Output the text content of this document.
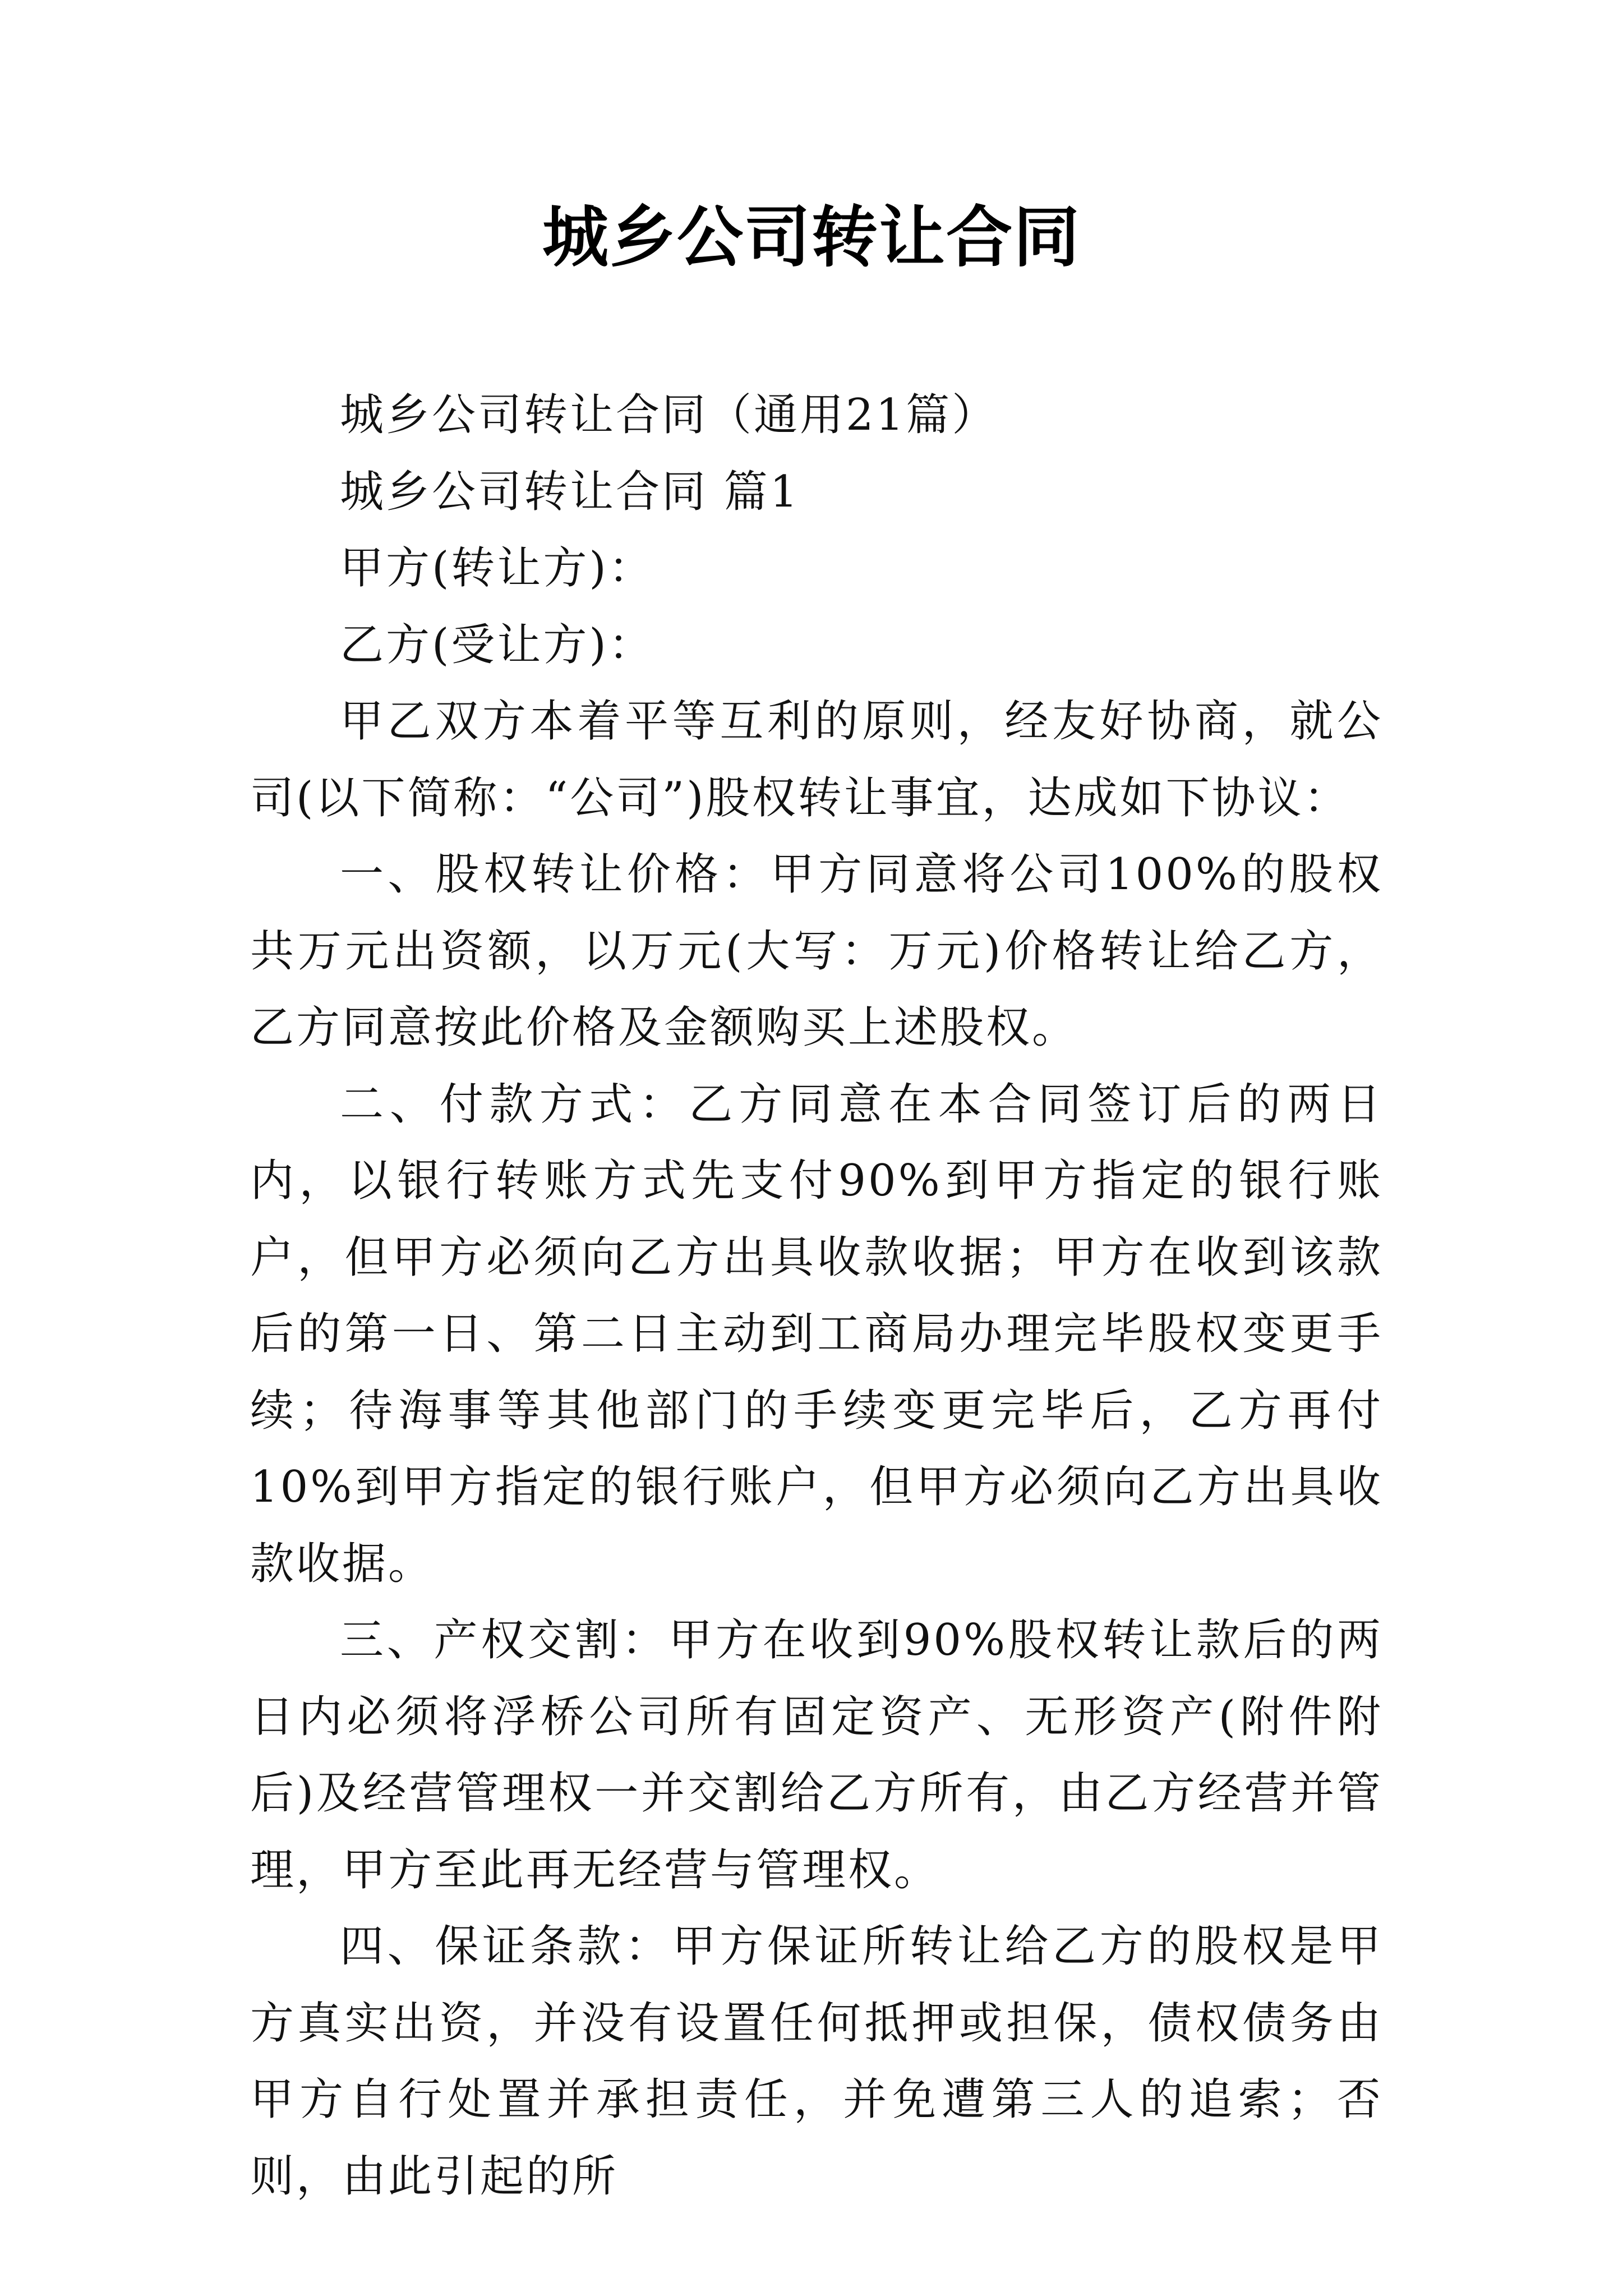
城乡公司转让合同

城乡公司转让合同（通用21篇）

城乡公司转让合同 篇1

甲方(转让方)：

乙方(受让方)：

甲乙双方本着平等互利的原则，经友好协商，就公司(以下简称：“公司”)股权转让事宜，达成如下协议：

一、股权转让价格：甲方同意将公司100%的股权共万元出资额，以万元(大写：万元)价格转让给乙方，乙方同意按此价格及金额购买上述股权。

二、付款方式：乙方同意在本合同签订后的两日内，以银行转账方式先支付90%到甲方指定的银行账户，但甲方必须向乙方出具收款收据；甲方在收到该款后的第一日、第二日主动到工商局办理完毕股权变更手续；待海事等其他部门的手续变更完毕后，乙方再付10%到甲方指定的银行账户，但甲方必须向乙方出具收款收据。

三、产权交割：甲方在收到90%股权转让款后的两日内必须将浮桥公司所有固定资产、无形资产(附件附后)及经营管理权一并交割给乙方所有，由乙方经营并管理，甲方至此再无经营与管理权。

四、保证条款：甲方保证所转让给乙方的股权是甲方真实出资，并没有设置任何抵押或担保，债权债务由甲方自行处置并承担责任，并免遭第三人的追索；否则，由此引起的所
